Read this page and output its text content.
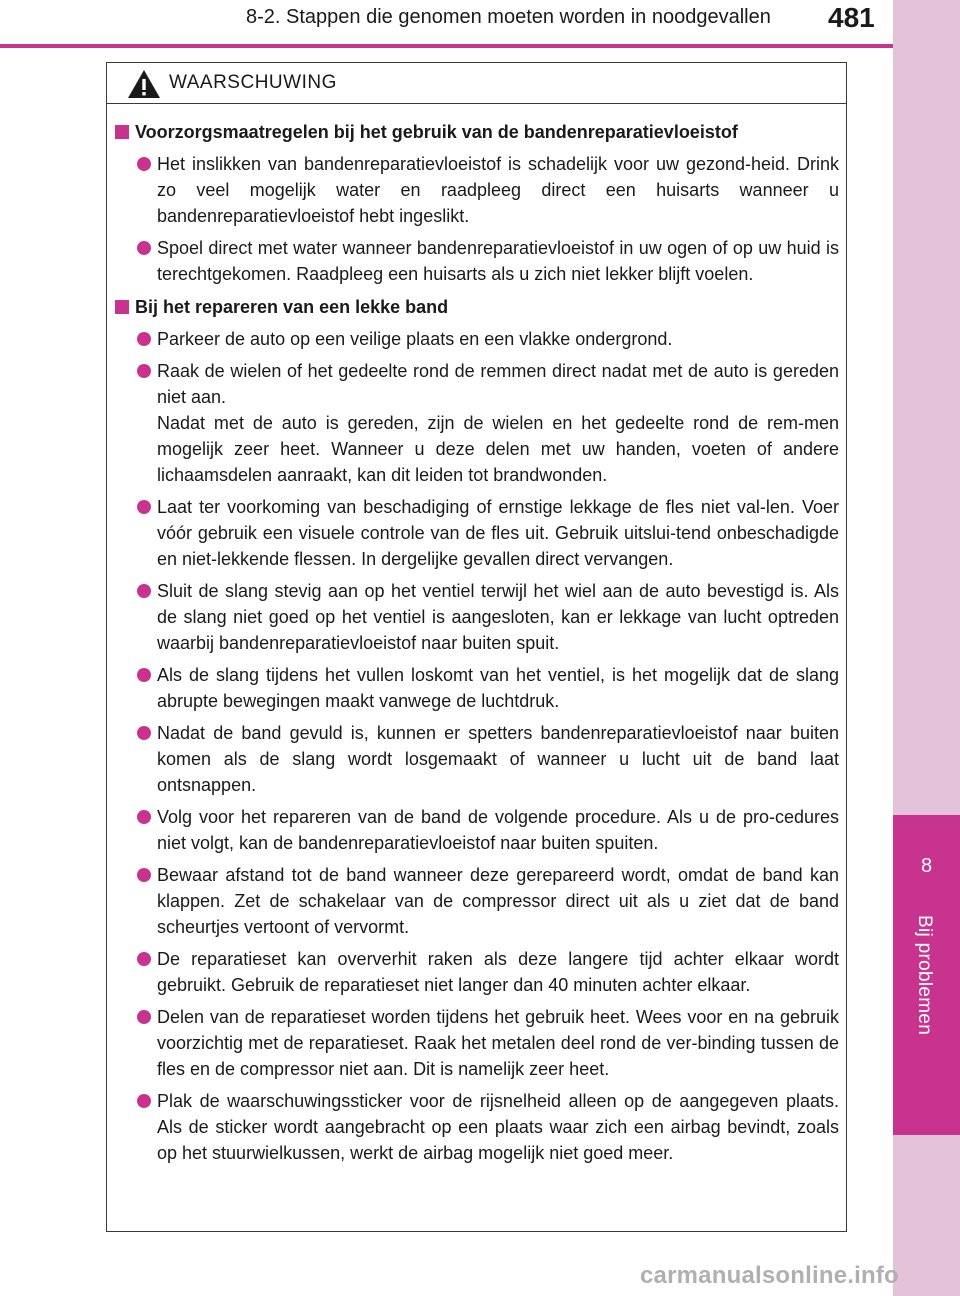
8-2. Stappen die genomen moeten worden in noodgevallen 481
8
Bij problemen
WAARSCHUWING
Voorzorgsmaatregelen bij het gebruik van de bandenreparatievloeistof
Het inslikken van bandenreparatievloeistof is schadelijk voor uw gezond-heid. Drink zo veel mogelijk water en raadpleeg direct een huisarts wanneer u bandenreparatievloeistof hebt ingeslikt.
Spoel direct met water wanneer bandenreparatievloeistof in uw ogen of op uw huid is terechtgekomen. Raadpleeg een huisarts als u zich niet lekker blijft voelen.
Bij het repareren van een lekke band
Parkeer de auto op een veilige plaats en een vlakke ondergrond.
Raak de wielen of het gedeelte rond de remmen direct nadat met de auto is gereden niet aan.
Nadat met de auto is gereden, zijn de wielen en het gedeelte rond de rem-men mogelijk zeer heet. Wanneer u deze delen met uw handen, voeten of andere lichaamsdelen aanraakt, kan dit leiden tot brandwonden.
Laat ter voorkoming van beschadiging of ernstige lekkage de fles niet val-len. Voer vóór gebruik een visuele controle van de fles uit. Gebruik uitslui-tend onbeschadigde en niet-lekkende flessen. In dergelijke gevallen direct vervangen.
Sluit de slang stevig aan op het ventiel terwijl het wiel aan de auto bevestigd is. Als de slang niet goed op het ventiel is aangesloten, kan er lekkage van lucht optreden waarbij bandenreparatievloeistof naar buiten spuit.
Als de slang tijdens het vullen loskomt van het ventiel, is het mogelijk dat de slang abrupte bewegingen maakt vanwege de luchtdruk.
Nadat de band gevuld is, kunnen er spetters bandenreparatievloeistof naar buiten komen als de slang wordt losgemaakt of wanneer u lucht uit de band laat ontsnappen.
Volg voor het repareren van de band de volgende procedure. Als u de pro-cedures niet volgt, kan de bandenreparatievloeistof naar buiten spuiten.
Bewaar afstand tot de band wanneer deze gerepareerd wordt, omdat de band kan klappen. Zet de schakelaar van de compressor direct uit als u ziet dat de band scheurtjes vertoont of vervormt.
De reparatieset kan oververhit raken als deze langere tijd achter elkaar wordt gebruikt. Gebruik de reparatieset niet langer dan 40 minuten achter elkaar.
Delen van de reparatieset worden tijdens het gebruik heet. Wees voor en na gebruik voorzichtig met de reparatieset. Raak het metalen deel rond de ver-binding tussen de fles en de compressor niet aan. Dit is namelijk zeer heet.
Plak de waarschuwingssticker voor de rijsnelheid alleen op de aangegeven plaats. Als de sticker wordt aangebracht op een plaats waar zich een airbag bevindt, zoals op het stuurwielkussen, werkt de airbag mogelijk niet goed meer.
carmanualsonline.info
